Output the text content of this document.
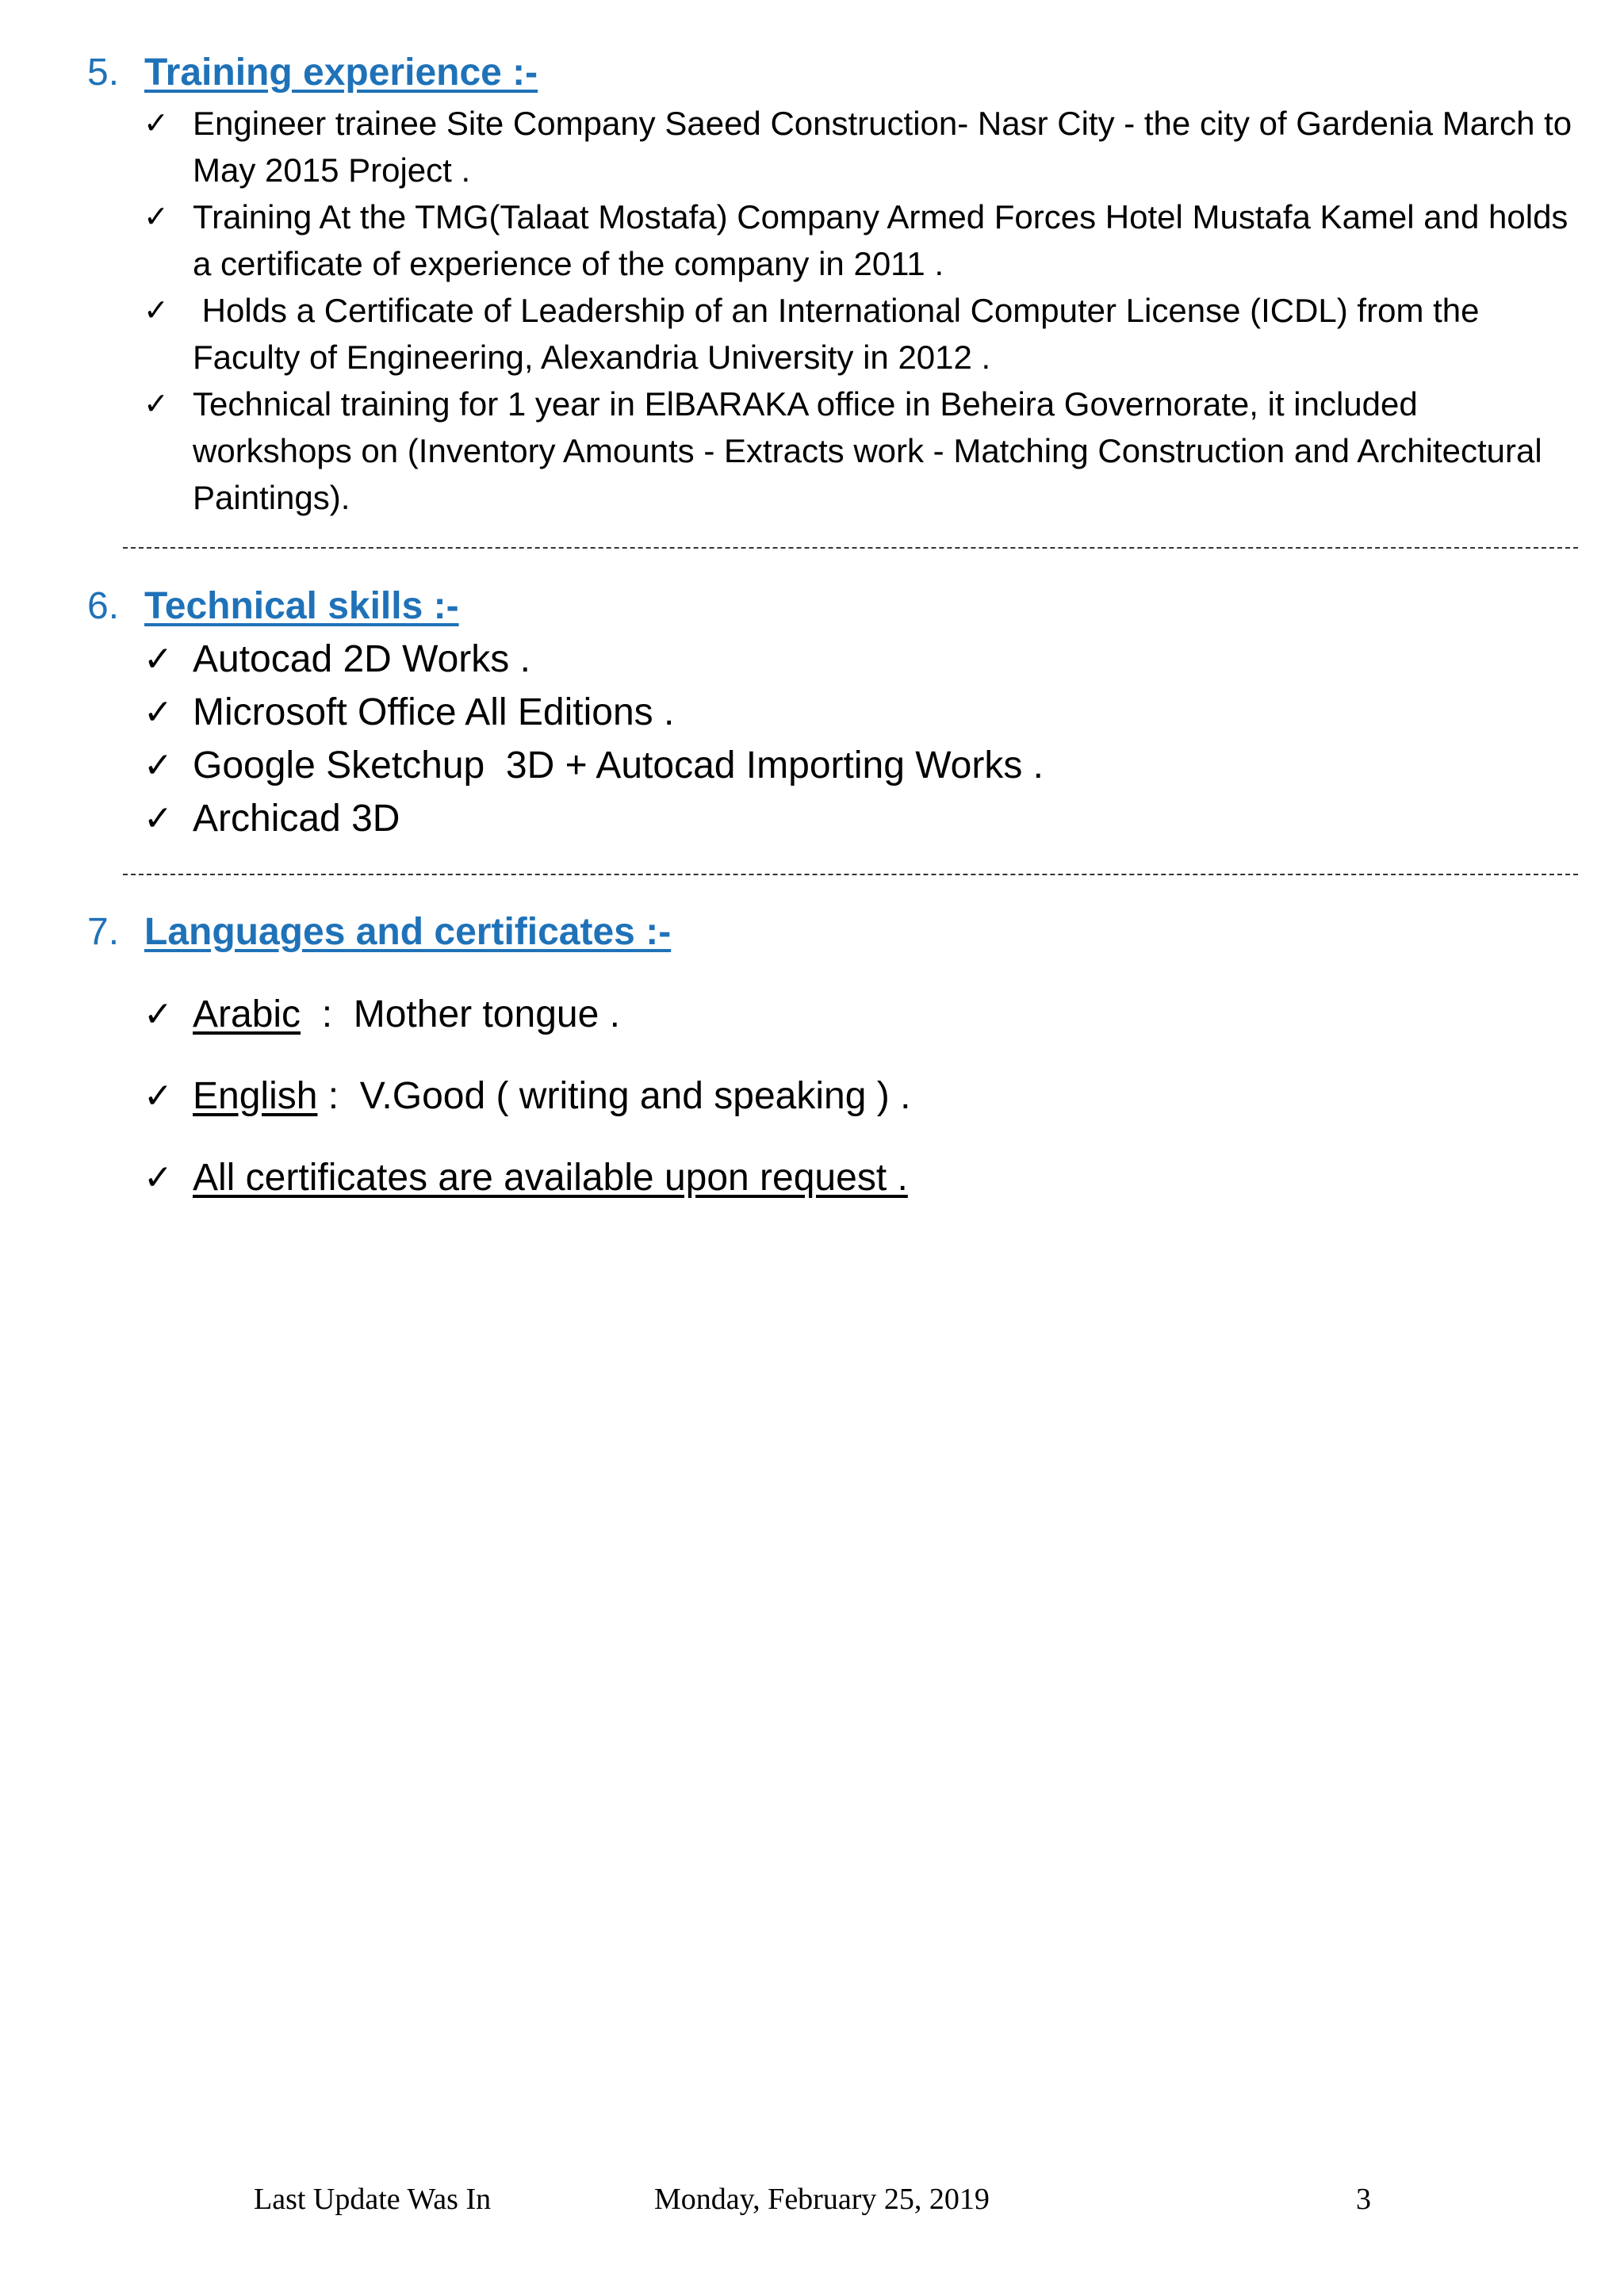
5. Training experience :-
✓ Engineer trainee Site Company Saeed Construction- Nasr City - the city of Gardenia March to May 2015 Project .
✓ Training At the TMG(Talaat Mostafa) Company Armed Forces Hotel Mustafa Kamel and holds a certificate of experience of the company in 2011 .
✓ Holds a Certificate of Leadership of an International Computer License (ICDL) from the Faculty of Engineering, Alexandria University in 2012 .
✓ Technical training for 1 year in ElBARAKA office in Beheira Governorate, it included workshops on (Inventory Amounts - Extracts work - Matching Construction and Architectural Paintings).
6. Technical skills :-
✓ Autocad 2D Works .
✓ Microsoft Office All Editions .
✓ Google Sketchup  3D + Autocad Importing Works .
✓ Archicad 3D
7. Languages and certificates :-

✓ Arabic  :  Mother tongue .

✓ English :  V.Good ( writing and speaking ) .

✓ All certificates are available upon request .

Last Update Was In	Monday, February 25, 2019	3
